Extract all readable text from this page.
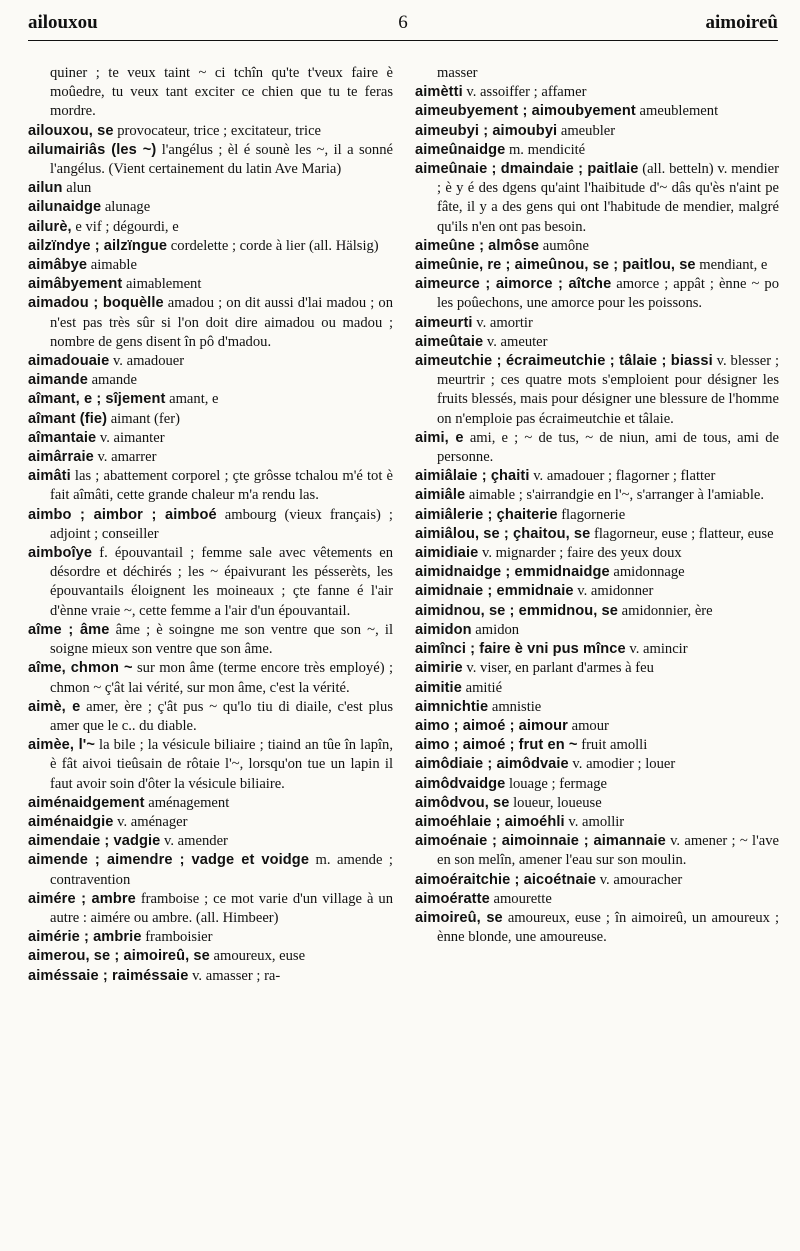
ailouxou	6	aimoireû

quiner ; te veux taint ~ ci tchîn qu'te t'veux faire è moûedre, tu veux tant exciter ce chien que tu te feras mordre.

ailouxou, se provocateur, trice ; excitateur, trice

ailumairiâs (les ~) l'angélus ; èl é sounè les ~, il a sonné l'angélus. (Vient certainement du latin Ave Maria)

ailun alun

ailunaidge alunage

ailurè, e vif ; dégourdi, e

ailzïndye ; ailzïngue cordelette ; corde à lier (all. Hälsig)

aimâbye aimable

aimâbyement aimablement

aimadou ; boquèlle amadou ; on dit aussi d'lai madou ; on n'est pas très sûr si l'on doit dire aimadou ou madou ; nombre de gens disent în pô d'madou.

aimadouaie v. amadouer

aimande amande

aîmant, e ; sîjement amant, e

aîmant (fie) aimant (fer)

aîmantaie v. aimanter

aimârraie v. amarrer

aimâti las ; abattement corporel ; çte grôsse tchalou m'é tot è fait aîmâti, cette grande chaleur m'a rendu las.

aimbo ; aimbor ; aimboé ambourg (vieux français) ; adjoint ; conseiller

aimboîye f. épouvantail ; femme sale avec vêtements en désordre et déchirés ; les ~ épaivurant les pésserèts, les épouvantails éloignent les moineaux ; çte fanne é l'air d'ènne vraie ~, cette femme a l'air d'un épouvantail.

aîme ; âme âme ; è soingne me son ventre que son ~, il soigne mieux son ventre que son âme.

aîme, chmon ~ sur mon âme (terme encore très employé) ; chmon ~ ç'ât lai vérité, sur mon âme, c'est la vérité.

aimè, e amer, ère ; ç'ât pus ~ qu'lo tiu di diaile, c'est plus amer que le c.. du diable.

aimèe, l'~ la bile ; la vésicule biliaire ; tiaind an tûe în lapîn, è fât aivoi tieûsain de rôtaie l'~, lorsqu'on tue un lapin il faut avoir soin d'ôter la vésicule biliaire.

aiménaidgement aménagement

aiménaidgie v. aménager

aimendaie ; vadgie v. amender

aimende ; aimendre ; vadge et voidge m. amende ; contravention

aimére ; ambre framboise ; ce mot varie d'un village à un autre : aimére ou ambre. (all. Himbeer)

aimérie ; ambrie framboisier

aimerou, se ; aimoireû, se amoureux, euse

aiméssaie ; raiméssaie v. amasser ; ra-

masser

aimètti v. assoiffer ; affamer

aimeubyement ; aimoubyement ameublement

aimeubyi ; aimoubyi ameubler

aimeûnaidge m. mendicité

aimeûnaie ; dmaindaie ; paitlaie (all. betteln) v. mendier ; è y é des dgens qu'aint l'haibitude d'~ dâs qu'ès n'aint pe fâte, il y a des gens qui ont l'habitude de mendier, malgré qu'ils n'en ont pas besoin.

aimeûne ; almôse aumône

aimeûnie, re ; aimeûnou, se ; paitlou, se mendiant, e

aimeurce ; aimorce ; aîtche amorce ; appât ; ènne ~ po les poûechons, une amorce pour les poissons.

aimeurti v. amortir

aimeûtaie v. ameuter

aimeutchie ; écraimeutchie ; tâlaie ; biassi v. blesser ; meurtrir ; ces quatre mots s'emploient pour désigner les fruits blessés, mais pour désigner une blessure de l'homme on n'emploie pas écraimeutchie et tâlaie.

aimi, e ami, e ; ~ de tus, ~ de niun, ami de tous, ami de personne.

aimiâlaie ; çhaiti v. amadouer ; flagorner ; flatter

aimiâle aimable ; s'airrandgie en l'~, s'arranger à l'amiable.

aimiâlerie ; çhaiterie flagornerie

aimiâlou, se ; çhaitou, se flagorneur, euse ; flatteur, euse

aimidiaie v. mignarder ; faire des yeux doux

aimidnaidge ; emmidnaidge amidonnage

aimidnaie ; emmidnaie v. amidonner

aimidnou, se ; emmidnou, se amidonnier, ère

aimidon amidon

aimînci ; faire è vni pus mînce v. amincir

aimirie v. viser, en parlant d'armes à feu

aimitie amitié

aimnichtie amnistie

aimo ; aimoé ; aimour amour

aimo ; aimoé ; frut en ~ fruit amolli

aimôdiaie ; aimôdvaie v. amodier ; louer

aimôdvaidge louage ; fermage

aimôdvou, se loueur, loueuse

aimoéhlaie ; aimoéhli v. amollir

aimoénaie ; aimoinnaie ; aimannaie v. amener ; ~ l'ave en son melîn, amener l'eau sur son moulin.

aimoéraitchie ; aicoétnaie v. amouracher

aimoératte amourette

aimoireû, se amoureux, euse ; în aimoireû, un amoureux ; ènne blonde, une amoureuse.
